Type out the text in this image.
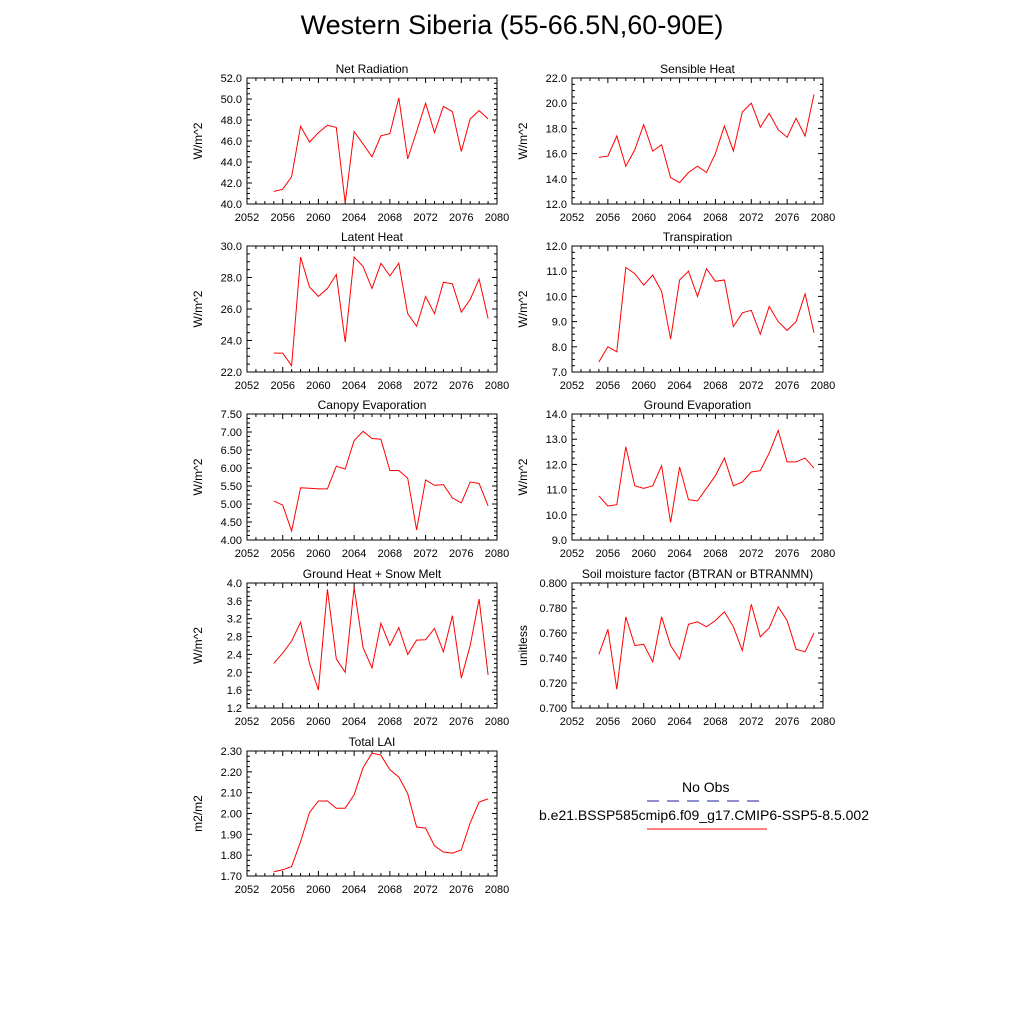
Western Siberia (55-66.5N,60-90E)
Net Radiation
W/m^2
2052 2056 2060 2064 2068 2072 2076 2080
40.0
42.0
44.0
46.0
48.0
50.0
52.0
Sensible Heat
W/m^2
2052 2056 2060 2064 2068 2072 2076 2080
12.0
14.0
16.0
18.0
20.0
22.0
Latent Heat
W/m^2
2052 2056 2060 2064 2068 2072 2076 2080
22.0
24.0
26.0
28.0
30.0
Transpiration
W/m^2
2052 2056 2060 2064 2068 2072 2076 2080
7.0
8.0
9.0
10.0
11.0
12.0
Canopy Evaporation
W/m^2
2052 2056 2060 2064 2068 2072 2076 2080
4.00
4.50
5.00
5.50
6.00
6.50
7.00
7.50
Ground Evaporation
W/m^2
2052 2056 2060 2064 2068 2072 2076 2080
9.0
10.0
11.0
12.0
13.0
14.0
Ground Heat + Snow Melt
W/m^2
2052 2056 2060 2064 2068 2072 2076 2080
1.2
1.6
2.0
2.4
2.8
3.2
3.6
4.0
Soil moisture factor (BTRAN or BTRANMN)
unitless
2052 2056 2060 2064 2068 2072 2076 2080
0.700
0.720
0.740
0.760
0.780
0.800
Total LAI
m2/m2
2052 2056 2060 2064 2068 2072 2076 2080
1.70
1.80
1.90
2.00
2.10
2.20
2.30
No Obs
b.e21.BSSP585cmip6.f09_g17.CMIP6-SSP5-8.5.002
